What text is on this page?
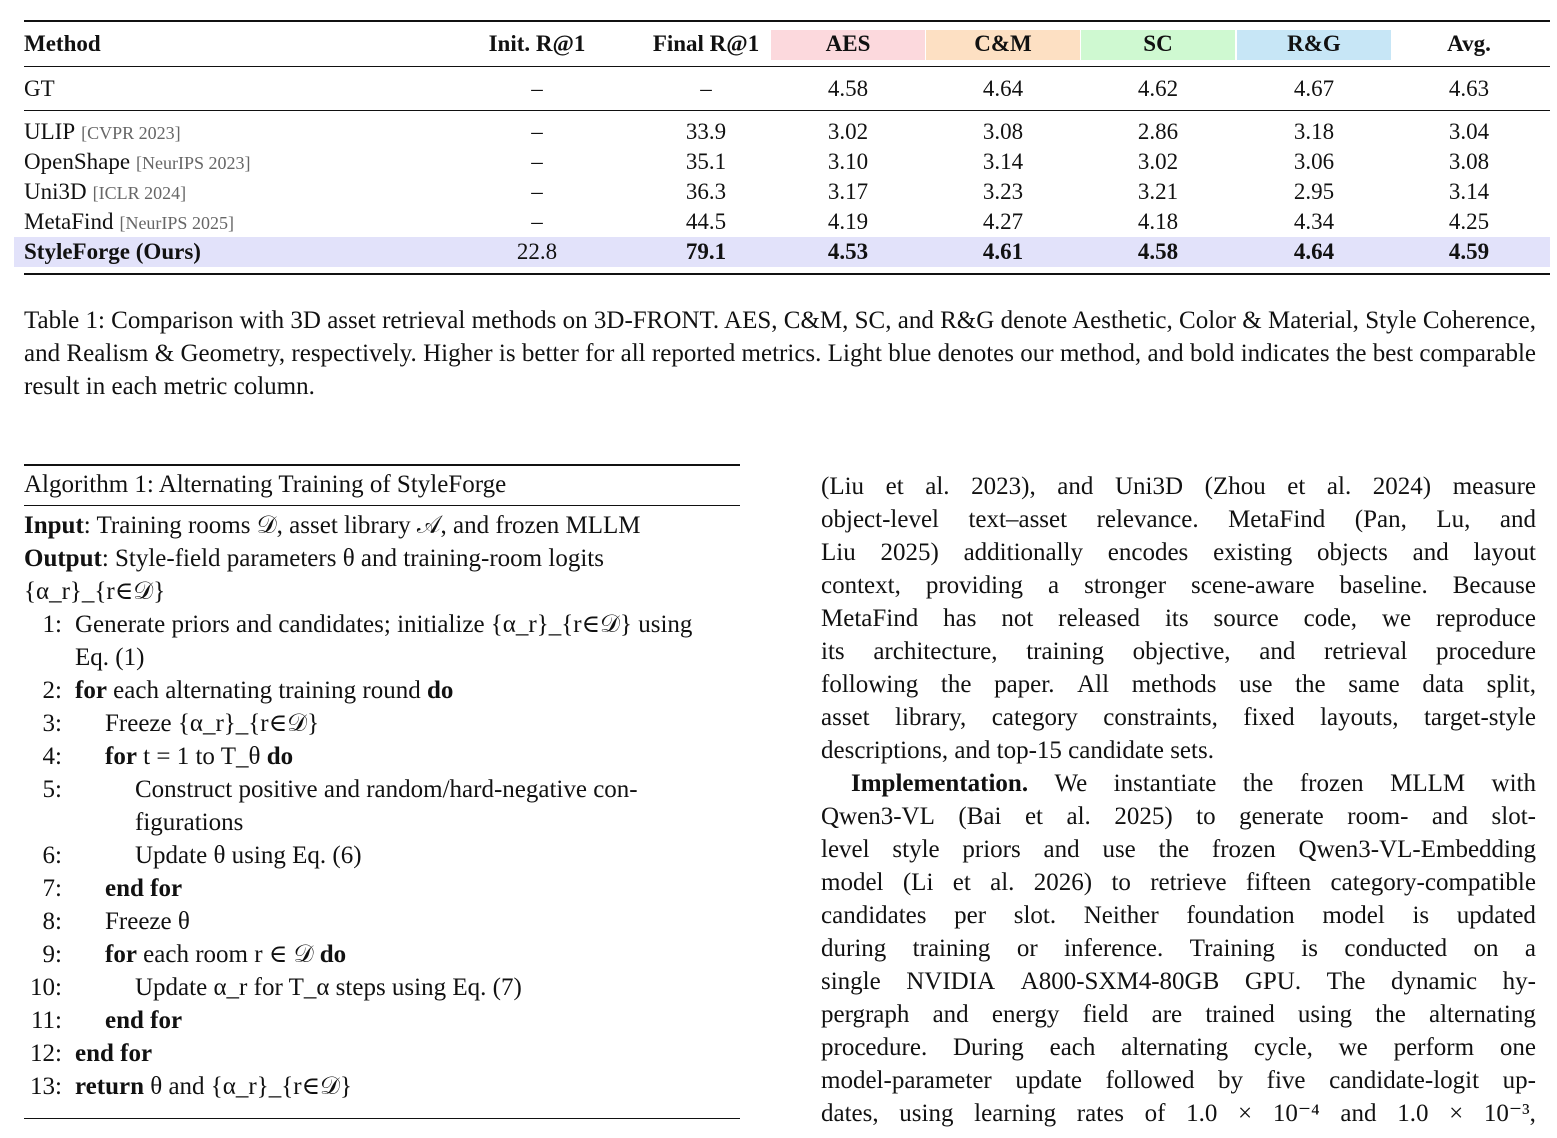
Method	Init. R@1	Final R@1	AES	C&M	SC	R&G	Avg.
GT	–	–	4.58	4.64	4.62	4.67	4.63
ULIP [CVPR 2023]	–	33.9	3.02	3.08	2.86	3.18	3.04
OpenShape [NeurIPS 2023]	–	35.1	3.10	3.14	3.02	3.06	3.08
Uni3D [ICLR 2024]	–	36.3	3.17	3.23	3.21	2.95	3.14
MetaFind [NeurIPS 2025]	–	44.5	4.19	4.27	4.18	4.34	4.25
StyleForge (Ours)	22.8	79.1	4.53	4.61	4.58	4.64	4.59
Table 1: Comparison with 3D asset retrieval methods on 3D-FRONT. AES, C&M, SC, and R&G denote Aesthetic, Color & Material, Style Coherence, and Realism & Geometry, respectively. Higher is better for all reported metrics. Light blue denotes our method, and bold indicates the best comparable result in each metric column.
Algorithm 1: Alternating Training of StyleForge
Input: Training rooms 𝒟, asset library 𝒜, and frozen MLLM
Output : Style-field parameters θ and training-room logits
{α_r}_{r∈𝒟}
1: Generate priors and candidates; initialize {α_r}_{r∈𝒟} using
Eq. (1)
2: for each alternating training round do
3: Freeze {α_r}_{r∈𝒟}
4: for t = 1 to T_θ do
5:	Construct positive and random/hard-negative con-
figurations
6:	Update θ using Eq. (6)
7: end for
8: Freeze θ
9: for each room r ∈ 𝒟 do
10:	Update α_r for T_α steps using Eq. (7)
11: end for
12: end for
13: return θ and {α_r}_{r∈𝒟}
(Liu et al. 2023), and Uni3D (Zhou et al. 2024) measure
object-level text–asset relevance. MetaFind (Pan, Lu, and
Liu 2025) additionally encodes existing objects and layout
context, providing a stronger scene-aware baseline. Because
MetaFind has not released its source code, we reproduce
its architecture, training objective, and retrieval procedure
following the paper. All methods use the same data split,
asset library, category constraints, fixed layouts, target-style
descriptions, and top-15 candidate sets.
Implementation. We instantiate the frozen MLLM with
Qwen3-VL (Bai et al. 2025) to generate room- and slot-
level style priors and use the frozen Qwen3-VL-Embedding
model (Li et al. 2026) to retrieve fifteen category-compatible
candidates per slot. Neither foundation model is updated
during training or inference. Training is conducted on a
single NVIDIA A800-SXM4-80GB GPU. The dynamic hy-
pergraph and energy field are trained using the alternating
procedure. During each alternating cycle, we perform one
model-parameter update followed by five candidate-logit up-
dates, using learning rates of 1.0 × 10⁻⁴ and 1.0 × 10⁻³,
